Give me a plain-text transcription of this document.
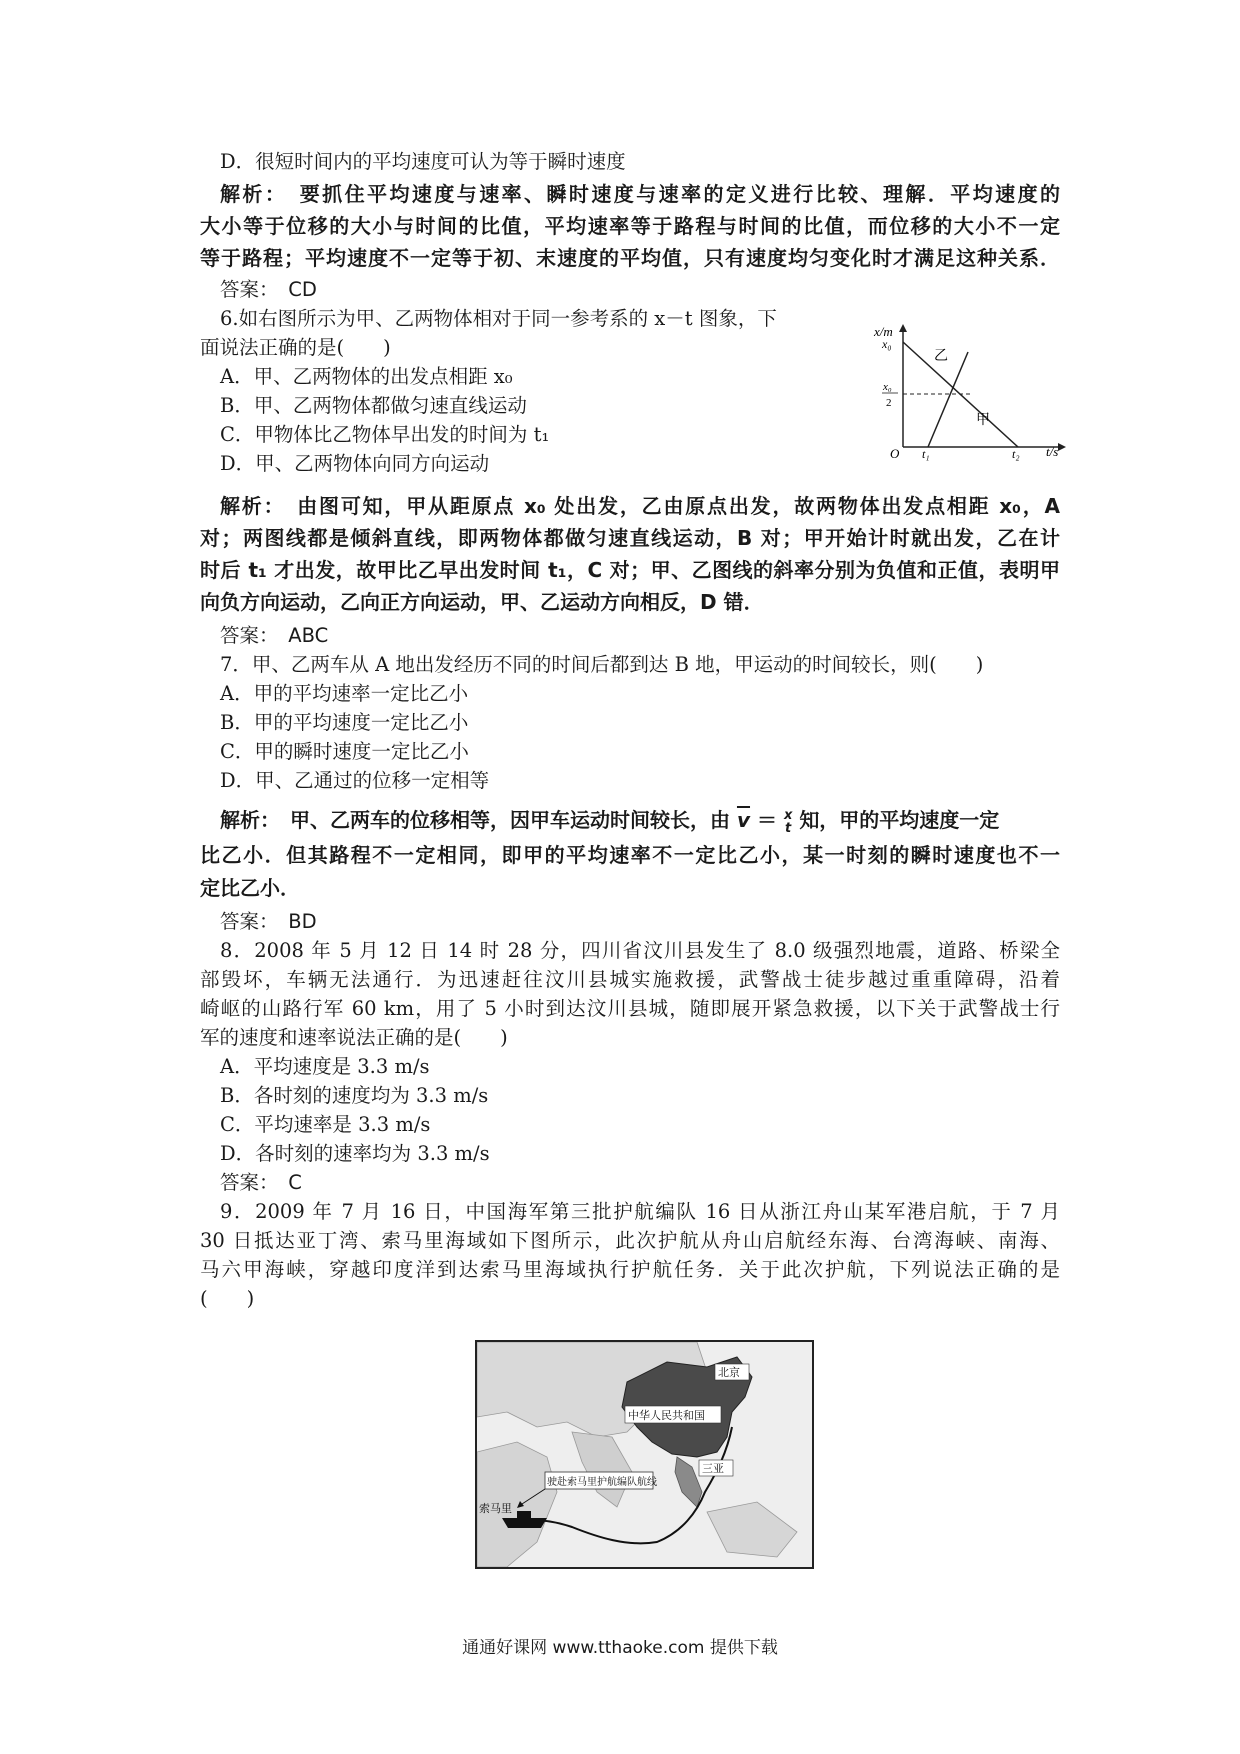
D．很短时间内的平均速度可认为等于瞬时速度
解析：　要抓住平均速度与速率、瞬时速度与速率的定义进行比较、理解．平均速度的
大小等于位移的大小与时间的比值，平均速率等于路程与时间的比值，而位移的大小不一定
等于路程；平均速度不一定等于初、末速度的平均值，只有速度均匀变化时才满足这种关系．
答案：　CD
6.如右图所示为甲、乙两物体相对于同一参考系的 x－t 图象，下
面说法正确的是(　　)
A．甲、乙两物体的出发点相距 x₀
B．甲、乙两物体都做匀速直线运动
C．甲物体比乙物体早出发的时间为 t₁
D．甲、乙两物体向同方向运动
x/m
t/s
O
x₀
x₀
2
t₁	t₂
乙
甲
解析：　由图可知，甲从距原点 x₀ 处出发，乙由原点出发，故两物体出发点相距 x₀，A
对；两图线都是倾斜直线，即两物体都做匀速直线运动，B 对；甲开始计时就出发，乙在计
时后 t₁ 才出发，故甲比乙早出发时间 t₁，C 对；甲、乙图线的斜率分别为负值和正值，表明甲
向负方向运动，乙向正方向运动，甲、乙运动方向相反，D 错．
答案：　ABC
7．甲、乙两车从 A 地出发经历不同的时间后都到达 B 地，甲运动的时间较长，则(　　)
A．甲的平均速率一定比乙小
B．甲的平均速度一定比乙小
C．甲的瞬时速度一定比乙小
D．甲、乙通过的位移一定相等
解析：　甲、乙两车的位移相等，因甲车运动时间较长，由 $\overline{v} = x$
t 知，甲的平均速度一定
比乙小．但其路程不一定相同，即甲的平均速率不一定比乙小，某一时刻的瞬时速度也不一
定比乙小．
答案：　BD
8．2008 年 5 月 12 日 14 时 28 分，四川省汶川县发生了 8.0 级强烈地震，道路、桥梁全
部毁坏，车辆无法通行．为迅速赶往汶川县城实施救援，武警战士徒步越过重重障碍，沿着
崎岖的山路行军 60 km，用了 5 小时到达汶川县城，随即展开紧急救援，以下关于武警战士行
军的速度和速率说法正确的是(　　)
A．平均速度是 3.3 m/s
B．各时刻的速度均为 3.3 m/s
C．平均速率是 3.3 m/s
D．各时刻的速率均为 3.3 m/s
答案：　C
9．2009 年 7 月 16 日，中国海军第三批护航编队 16 日从浙江舟山某军港启航，于 7 月
30 日抵达亚丁湾、索马里海域如下图所示，此次护航从舟山启航经东海、台湾海峡、南海、
马六甲海峡，穿越印度洋到达索马里海域执行护航任务．关于此次护航，下列说法正确的是
(　　)
北京
中华人民共和国
三亚
驶赴索马里护航编队航线
索马里
通通好课网 www.tthaoke.com 提供下载
